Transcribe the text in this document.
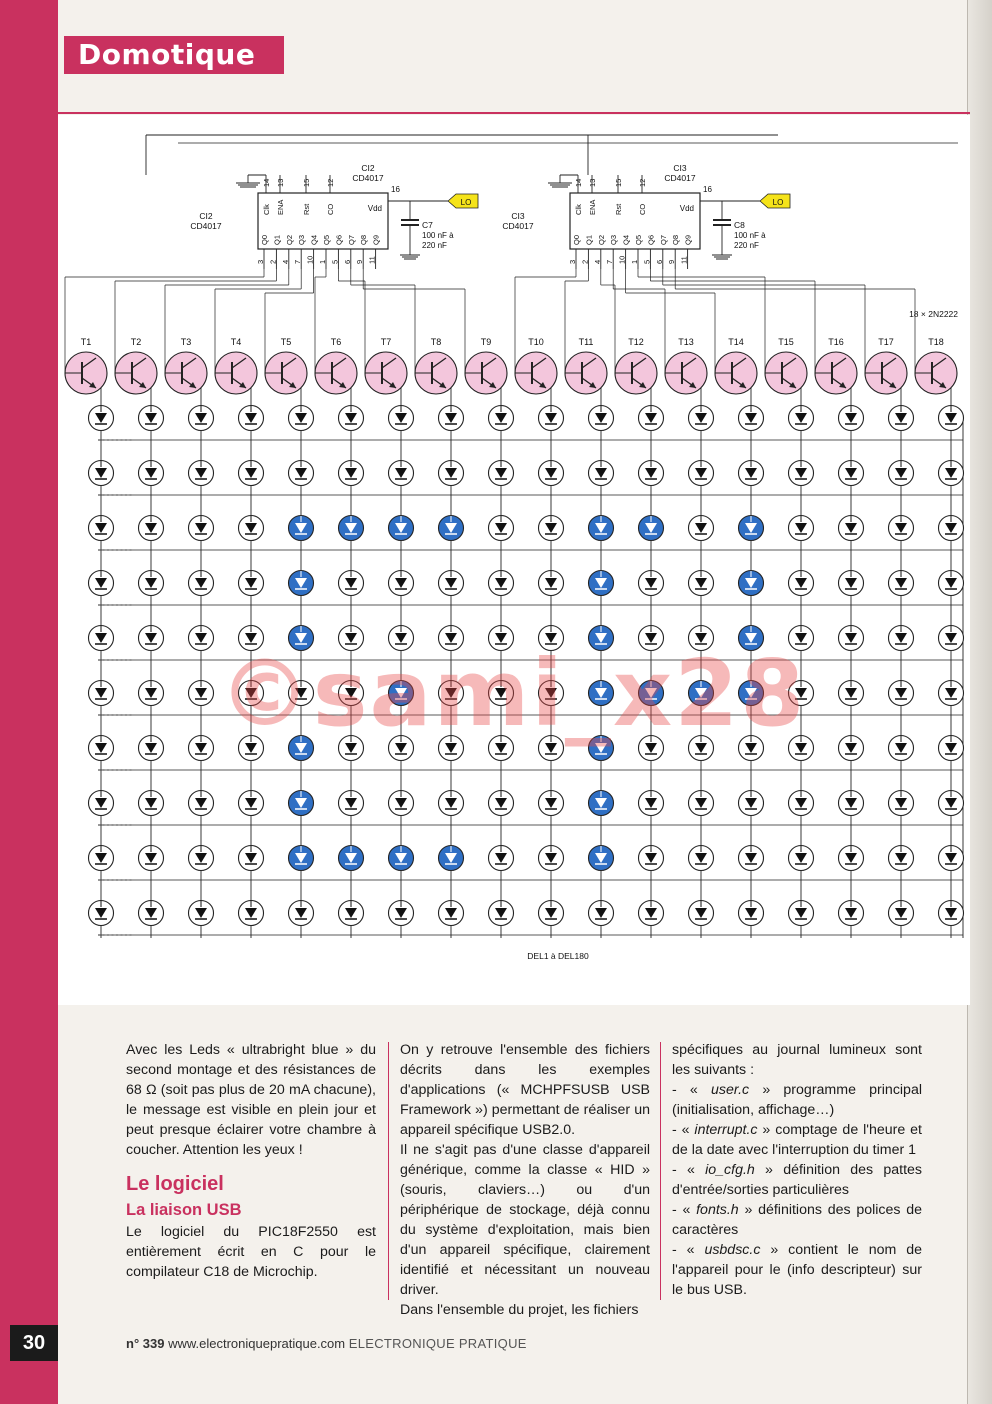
Domotique
T1	T2	T3	T4	T5	T6	T7	T8	T9	T10	T11	T12	T13	T14	T15	T16	T17	T18
18 × 2N2222
CI2
CD4017
CI2
CD4017
Vdd
16
Clk
14
ENA
13
Rst
15
CO
12
Q0
3
Q1
2
Q2
4
Q3
7
Q4
10
Q5
1
Q6
5
Q7
6
Q8
9
Q9
11
LO
C7
100 nF à
220 nF
CI3
CD4017
CI3
CD4017
Vdd
16
Clk
14
ENA
13
Rst
15
CO
12
Q0
3
Q1
2
Q2
4
Q3
7
Q4
10
Q5
1
Q6
5
Q7
6
Q8
9
Q9
11
LO
C8
100 nF à
220 nF
DEL1 à DEL180
©sami_x28

Avec les Leds « ultrabright blue » du second montage et des résistances de 68 Ω (soit pas plus de 20 mA chacune), le message est visible en plein jour et peut presque éclairer votre chambre à coucher. Attention les yeux !

Le logiciel
La liaison USB

Le logiciel du PIC18F2550 est entièrement écrit en C pour le compilateur C18 de Microchip.

On y retrouve l'ensemble des fichiers décrits dans les exemples d'applications (« MCHPFSUSB USB Framework ») permettant de réaliser un appareil spécifique USB2.0.

Il ne s'agit pas d'une classe d'appareil générique, comme la classe « HID » (souris, claviers…) ou d'un périphérique de stockage, déjà connu du système d'exploitation, mais bien d'un appareil spécifique, clairement identifié et nécessitant un nouveau driver.

Dans l'ensemble du projet, les fichiers

spécifiques au journal lumineux sont les suivants :

- « user.c » programme principal (initialisation, affichage…)

- « interrupt.c » comptage de l'heure et de la date avec l'interruption du timer 1

- « io_cfg.h » définition des pattes d'entrée/sorties particulières

- « fonts.h » définitions des polices de caractères

- « usbdsc.c » contient le nom de l'appareil pour le (info descripteur) sur le bus USB.

30	n° 339 www.electroniquepratique.com ELECTRONIQUE PRATIQUE
